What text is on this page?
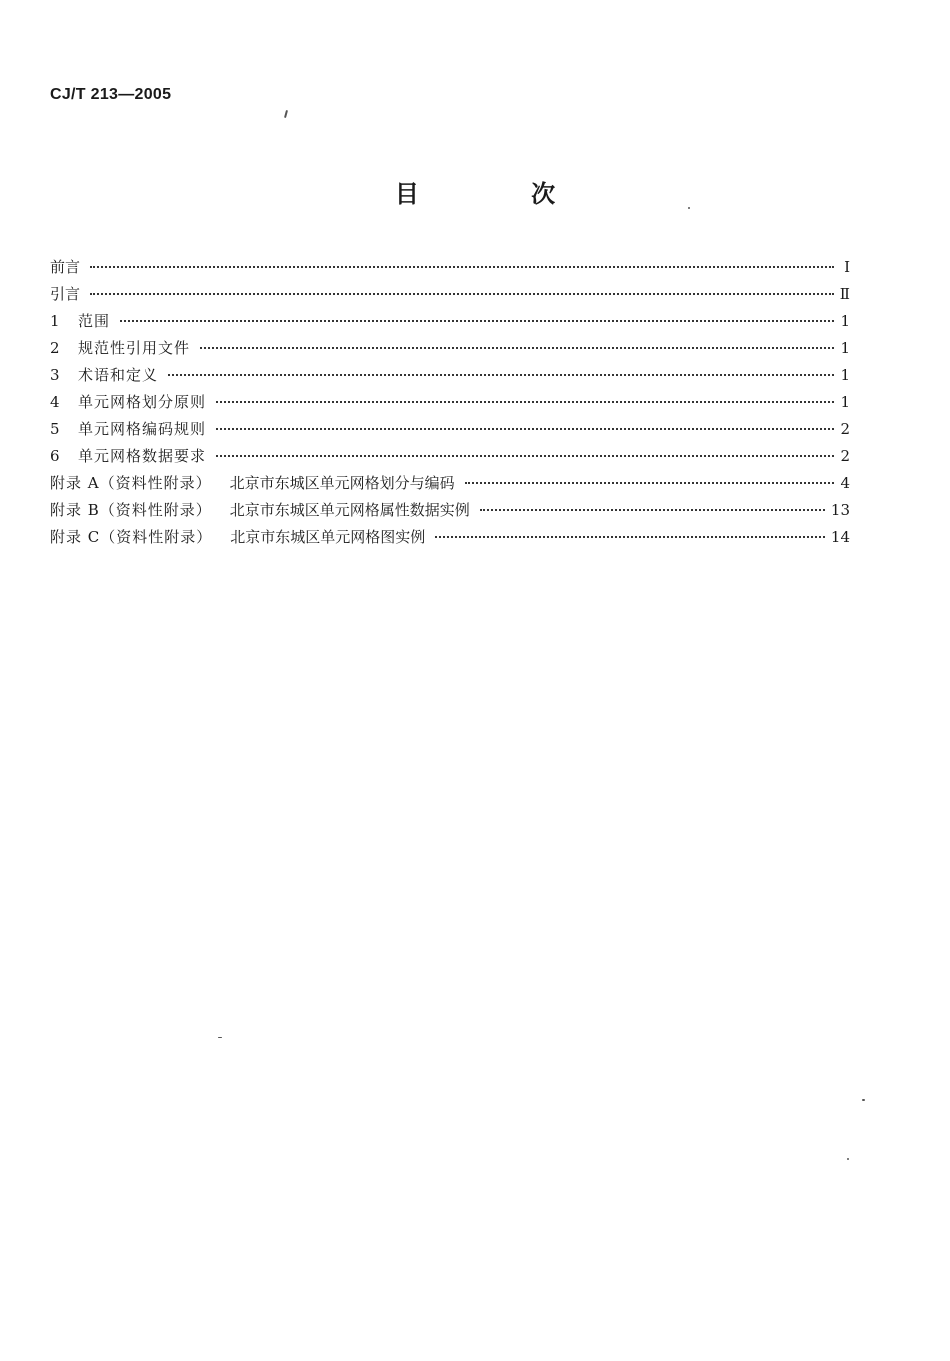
CJ/T 213—2005
目 次
前言	Ⅰ
引言	Ⅱ
1	范围	1
2	规范性引用文件	1
3	术语和定义	1
4	单元网格划分原则	1
5	单元网格编码规则	2
6	单元网格数据要求	2
附录 A（资料性附录） 北京市东城区单元网格划分与编码	4
附录 B（资料性附录） 北京市东城区单元网格属性数据实例	13
附录 C（资料性附录） 北京市东城区单元网格图实例	14
